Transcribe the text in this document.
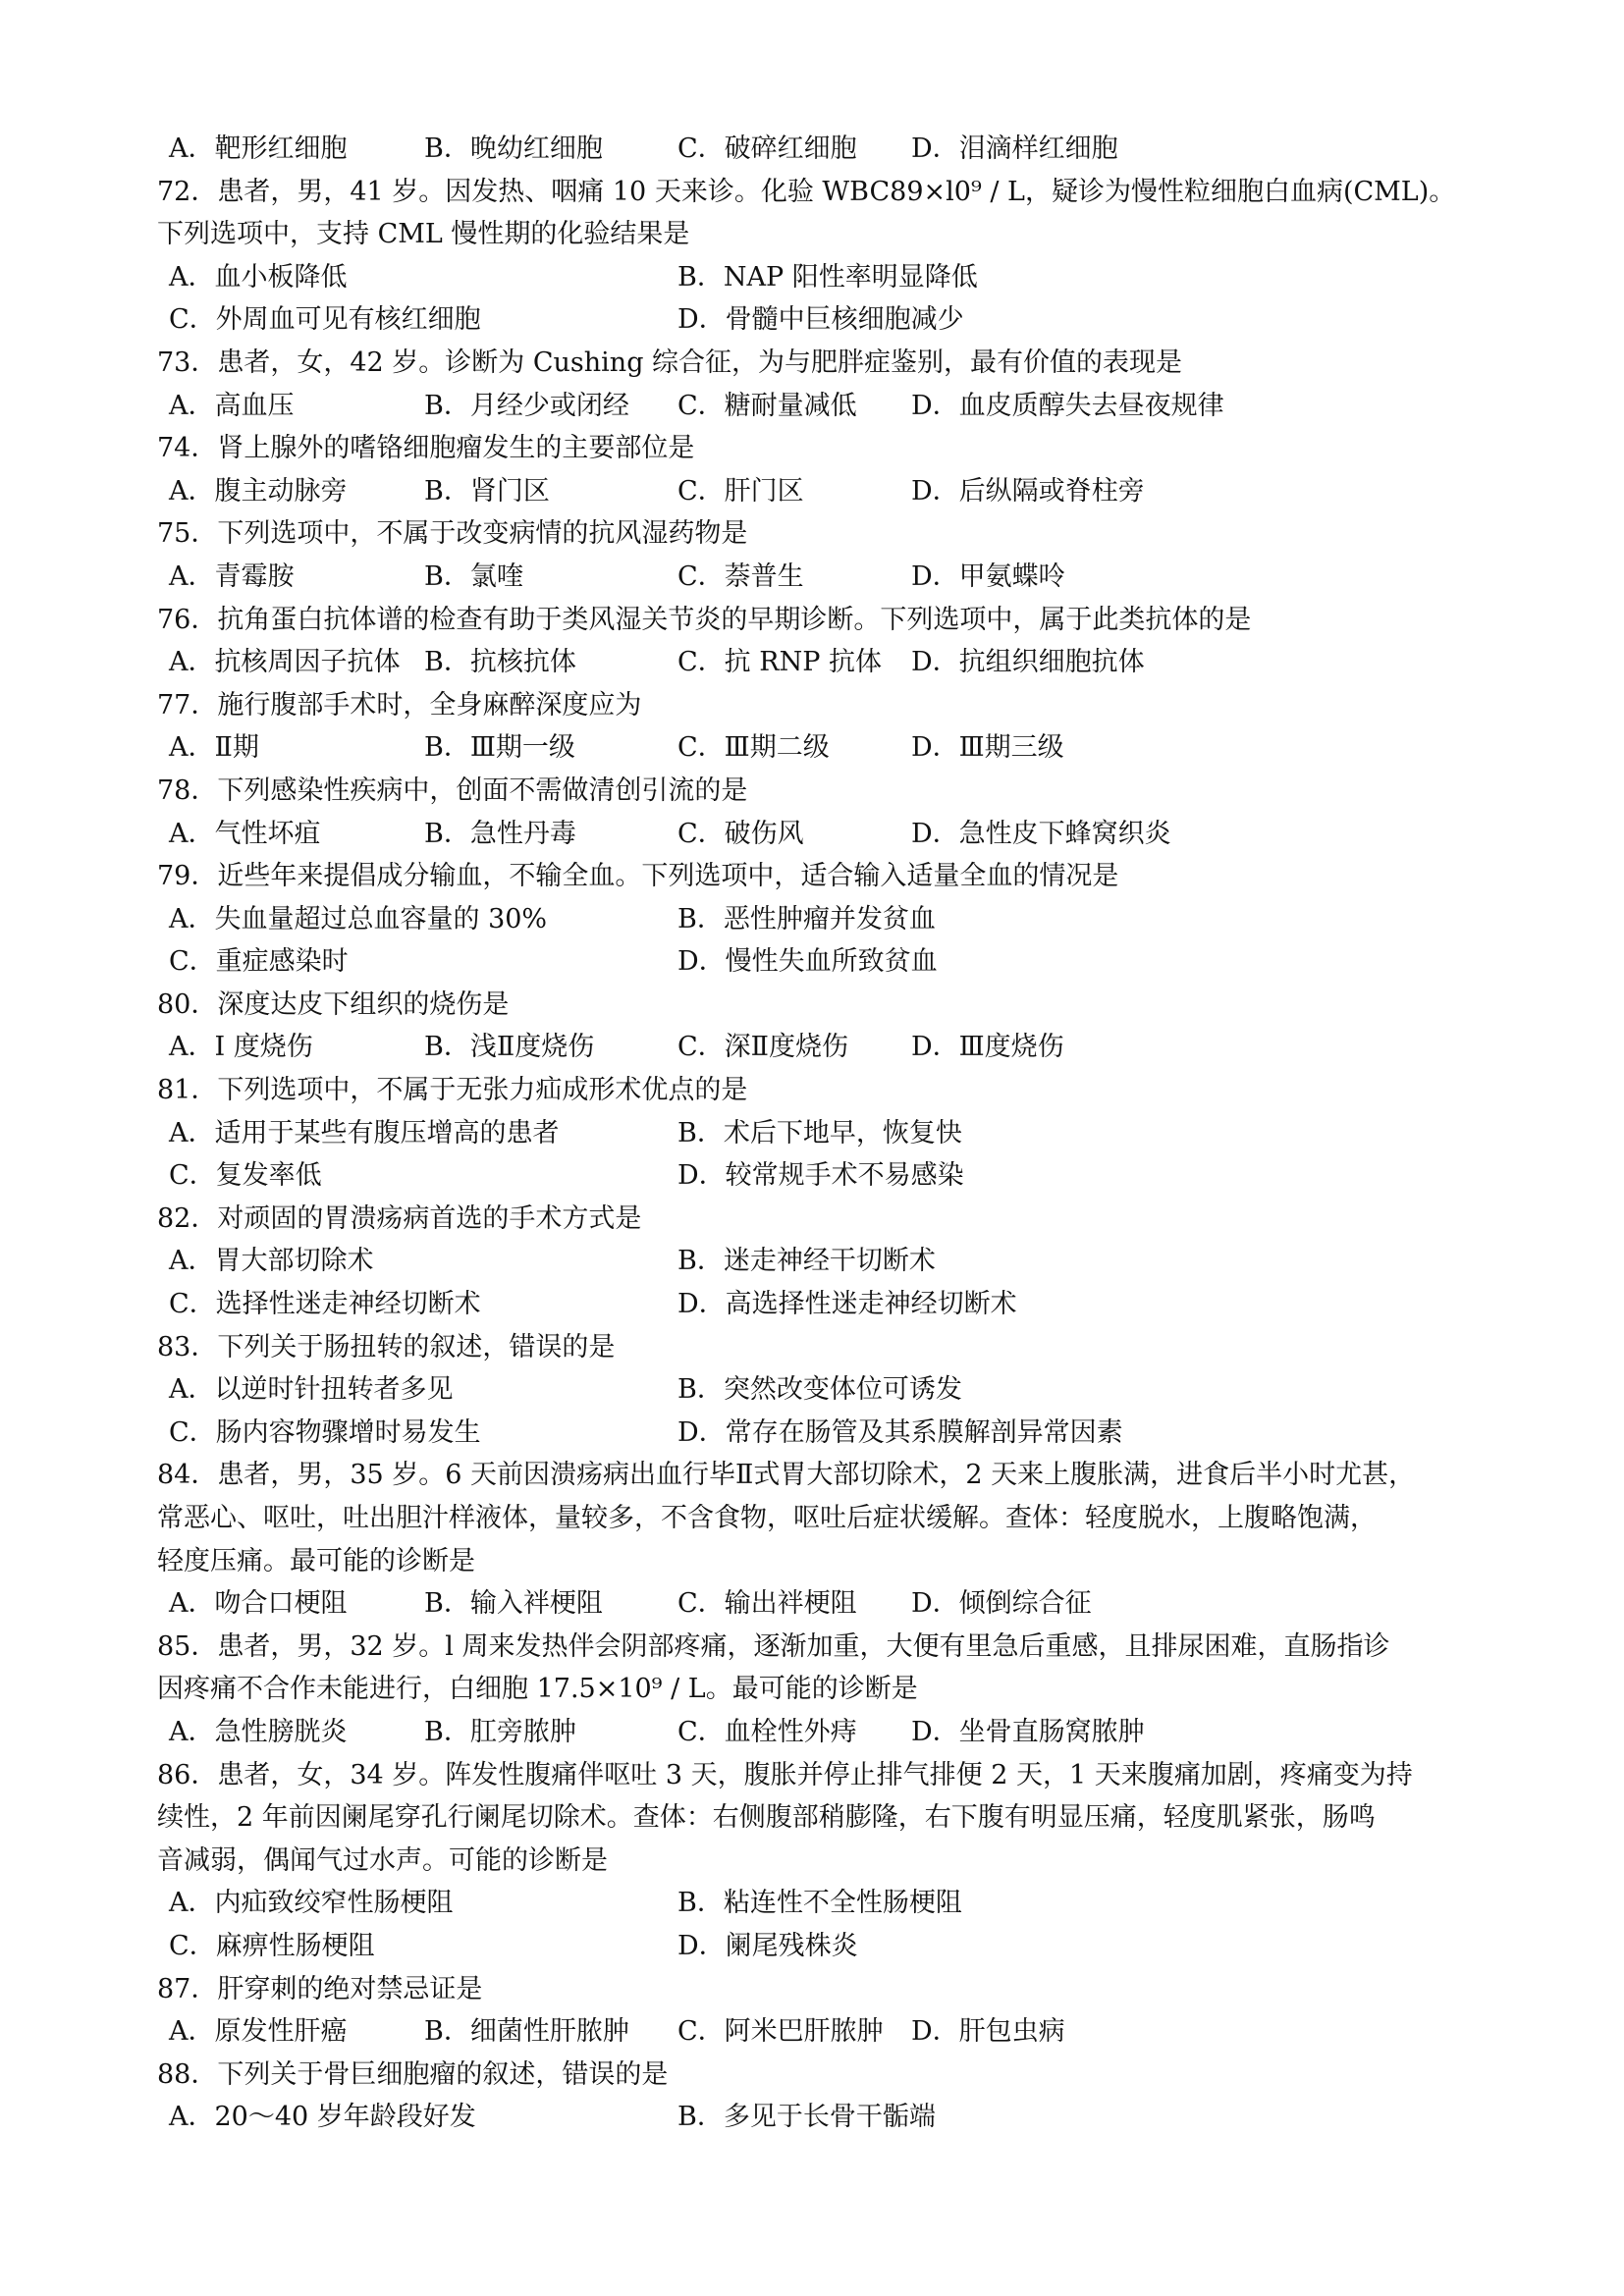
A．靶形红细胞	B．晚幼红细胞	C．破碎红细胞 D．泪滴样红细胞
72．患者，男，41 岁。因发热、咽痛 10 天来诊。化验 WBC89×l0⁹ / L，疑诊为慢性粒细胞白血病(CML)。
下列选项中，支持 CML 慢性期的化验结果是
A．血小板降低	B．NAP 阳性率明显降低
C．外周血可见有核红细胞	D．骨髓中巨核细胞减少
73．患者，女，42 岁。诊断为 Cushing 综合征，为与肥胖症鉴别，最有价值的表现是
A．高血压	B．月经少或闭经 C．糖耐量减低 D．血皮质醇失去昼夜规律
74．肾上腺外的嗜铬细胞瘤发生的主要部位是
A．腹主动脉旁	B．肾门区	C．肝门区	D．后纵隔或脊柱旁
75．下列选项中，不属于改变病情的抗风湿药物是
A．青霉胺	B．氯喹	C．萘普生	D．甲氨蝶呤
76．抗角蛋白抗体谱的检查有助于类风湿关节炎的早期诊断。下列选项中，属于此类抗体的是
A．抗核周因子抗体 B．抗核抗体	C．抗 RNP 抗体 D．抗组织细胞抗体
77．施行腹部手术时，全身麻醉深度应为
A．Ⅱ期	B．Ⅲ期一级	C．Ⅲ期二级	D．Ⅲ期三级
78．下列感染性疾病中，创面不需做清创引流的是
A．气性坏疽	B．急性丹毒	C．破伤风	D．急性皮下蜂窝织炎
79．近些年来提倡成分输血，不输全血。下列选项中，适合输入适量全血的情况是
A．失血量超过总血容量的 30%	B．恶性肿瘤并发贫血
C．重症感染时	D．慢性失血所致贫血
80．深度达皮下组织的烧伤是
A．I 度烧伤	B．浅Ⅱ度烧伤	C．深Ⅱ度烧伤 D．Ⅲ度烧伤
81．下列选项中，不属于无张力疝成形术优点的是
A．适用于某些有腹压增高的患者	B．术后下地早，恢复快
C．复发率低	D．较常规手术不易感染
82．对顽固的胃溃疡病首选的手术方式是
A．胃大部切除术	B．迷走神经干切断术
C．选择性迷走神经切断术	D．高选择性迷走神经切断术
83．下列关于肠扭转的叙述，错误的是
A．以逆时针扭转者多见	B．突然改变体位可诱发
C．肠内容物骤增时易发生	D．常存在肠管及其系膜解剖异常因素
84．患者，男，35 岁。6 天前因溃疡病出血行毕Ⅱ式胃大部切除术，2 天来上腹胀满，进食后半小时尤甚，
常恶心、呕吐，吐出胆汁样液体，量较多，不含食物，呕吐后症状缓解。查体：轻度脱水，上腹略饱满，
轻度压痛。最可能的诊断是
A．吻合口梗阻	B．输入袢梗阻	C．输出袢梗阻 D．倾倒综合征
85．患者，男，32 岁。l 周来发热伴会阴部疼痛，逐渐加重，大便有里急后重感，且排尿困难，直肠指诊
因疼痛不合作未能进行，白细胞 17.5×10⁹ / L。最可能的诊断是
A．急性膀胱炎	B．肛旁脓肿	C．血栓性外痔 D．坐骨直肠窝脓肿
86．患者，女，34 岁。阵发性腹痛伴呕吐 3 天，腹胀并停止排气排便 2 天，1 天来腹痛加剧，疼痛变为持
续性，2 年前因阑尾穿孔行阑尾切除术。查体：右侧腹部稍膨隆，右下腹有明显压痛，轻度肌紧张，肠鸣
音减弱，偶闻气过水声。可能的诊断是
A．内疝致绞窄性肠梗阻	B．粘连性不全性肠梗阻
C．麻痹性肠梗阻	D．阑尾残株炎
87．肝穿刺的绝对禁忌证是
A．原发性肝癌	B．细菌性肝脓肿 C．阿米巴肝脓肿 D．肝包虫病
88．下列关于骨巨细胞瘤的叙述，错误的是
A．20～40 岁年龄段好发	B．多见于长骨干骺端
